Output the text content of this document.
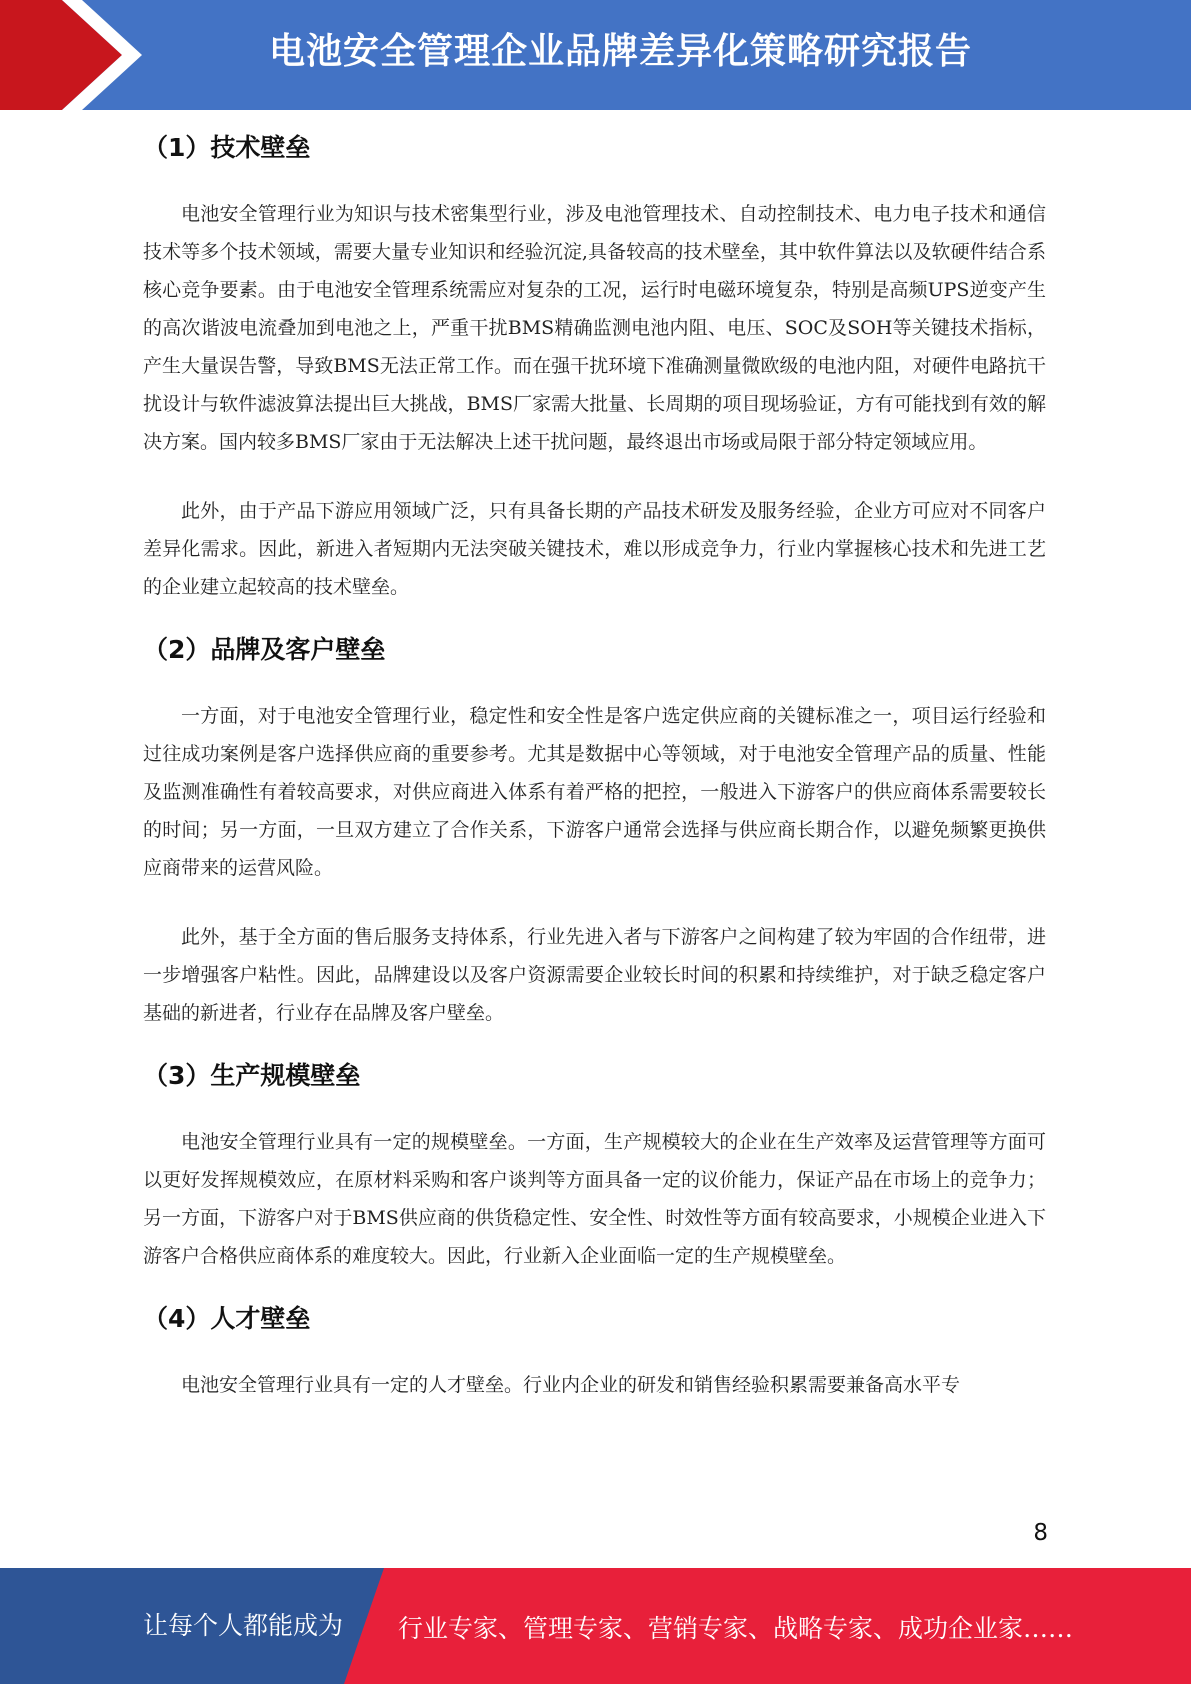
电池安全管理企业品牌差异化策略研究报告
（1）技术壁垒

电池安全管理行业为知识与技术密集型行业，涉及电池管理技术、自动控制技术、电力电子技术和通信技术等多个技术领域，需要大量专业知识和经验沉淀,具备较高的技术壁垒，其中软件算法以及软硬件结合系核心竞争要素。由于电池安全管理系统需应对复杂的工况，运行时电磁环境复杂，特别是高频UPS逆变产生的高次谐波电流叠加到电池之上，严重干扰BMS精确监测电池内阻、电压、SOC及SOH等关键技术指标，产生大量误告警，导致BMS无法正常工作。而在强干扰环境下准确测量微欧级的电池内阻，对硬件电路抗干扰设计与软件滤波算法提出巨大挑战，BMS厂家需大批量、长周期的项目现场验证，方有可能找到有效的解决方案。国内较多BMS厂家由于无法解决上述干扰问题，最终退出市场或局限于部分特定领域应用。

此外，由于产品下游应用领域广泛，只有具备长期的产品技术研发及服务经验，企业方可应对不同客户差异化需求。因此，新进入者短期内无法突破关键技术，难以形成竞争力，行业内掌握核心技术和先进工艺的企业建立起较高的技术壁垒。

（2）品牌及客户壁垒

一方面，对于电池安全管理行业，稳定性和安全性是客户选定供应商的关键标准之一，项目运行经验和过往成功案例是客户选择供应商的重要参考。尤其是数据中心等领域，对于电池安全管理产品的质量、性能及监测准确性有着较高要求，对供应商进入体系有着严格的把控，一般进入下游客户的供应商体系需要较长的时间；另一方面，一旦双方建立了合作关系，下游客户通常会选择与供应商长期合作，以避免频繁更换供应商带来的运营风险。

此外，基于全方面的售后服务支持体系，行业先进入者与下游客户之间构建了较为牢固的合作纽带，进一步增强客户粘性。因此，品牌建设以及客户资源需要企业较长时间的积累和持续维护，对于缺乏稳定客户基础的新进者，行业存在品牌及客户壁垒。

（3）生产规模壁垒

电池安全管理行业具有一定的规模壁垒。一方面，生产规模较大的企业在生产效率及运营管理等方面可以更好发挥规模效应，在原材料采购和客户谈判等方面具备一定的议价能力，保证产品在市场上的竞争力；另一方面，下游客户对于BMS供应商的供货稳定性、安全性、时效性等方面有较高要求，小规模企业进入下游客户合格供应商体系的难度较大。因此，行业新入企业面临一定的生产规模壁垒。

（4）人才壁垒

电池安全管理行业具有一定的人才壁垒。行业内企业的研发和销售经验积累需要兼备高水平专

8
让每个人都能成为 行业专家、管理专家、营销专家、战略专家、成功企业家……
